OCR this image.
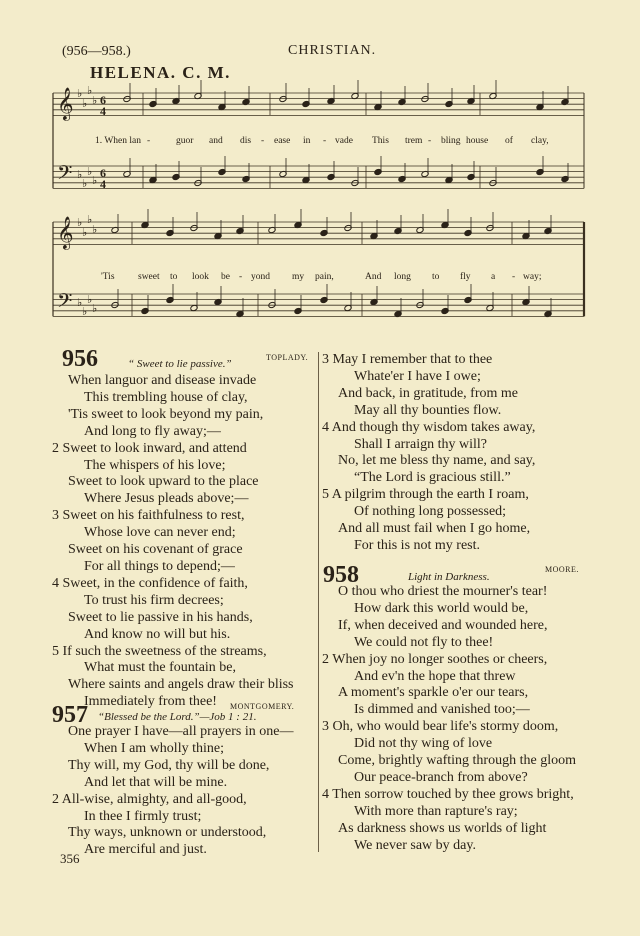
(956—958.)	CHRISTIAN.
HELENA. C. M.
𝄞 ♭
♭
♭
♭
𝄢 ♭
♭
♭
♭
𝄞 ♭
♭
♭
♭
𝄢 ♭
♭
♭
♭
6
4
6
4
1. When lan -	guor and dis - ease in - vade This trem - bling house of clay,
'Tis sweet to look be - yond my pain,	And long to fly a - way;
956	“ Sweet to lie passive.”
TOPLADY.
When languor and disease invade
This trembling house of clay,
'Tis sweet to look beyond my pain,
And long to fly away;—
2 Sweet to look inward, and attend
The whispers of his love;
Sweet to look upward to the place
Where Jesus pleads above;—
3 Sweet on his faithfulness to rest,
Whose love can never end;
Sweet on his covenant of grace
For all things to depend;—
4 Sweet, in the confidence of faith,
To trust his firm decrees;
Sweet to lie passive in his hands,
And know no will but his.
5 If such the sweetness of the streams,
What must the fountain be,
Where saints and angels draw their bliss
Immediately from thee!
957	MONTGOMERY.
“Blessed be the Lord.”—Job 1 : 21.
One prayer I have—all prayers in one—
When I am wholly thine;
Thy will, my God, thy will be done,
And let that will be mine.
2 All-wise, almighty, and all-good,
In thee I firmly trust;
Thy ways, unknown or understood,
Are merciful and just.
3 May I remember that to thee
Whate'er I have I owe;
And back, in gratitude, from me
May all thy bounties flow.
4 And though thy wisdom takes away,
Shall I arraign thy will?
No, let me bless thy name, and say,
“The Lord is gracious still.”
5 A pilgrim through the earth I roam,
Of nothing long possessed;
And all must fail when I go home,
For this is not my rest.
958	MOORE.
Light in Darkness.
O thou who driest the mourner's tear!
How dark this world would be,
If, when deceived and wounded here,
We could not fly to thee!
2 When joy no longer soothes or cheers,
And ev'n the hope that threw
A moment's sparkle o'er our tears,
Is dimmed and vanished too;—
3 Oh, who would bear life's stormy doom,
Did not thy wing of love
Come, brightly wafting through the gloom
Our peace-branch from above?
4 Then sorrow touched by thee grows bright,
With more than rapture's ray;
As darkness shows us worlds of light
We never saw by day.
356
